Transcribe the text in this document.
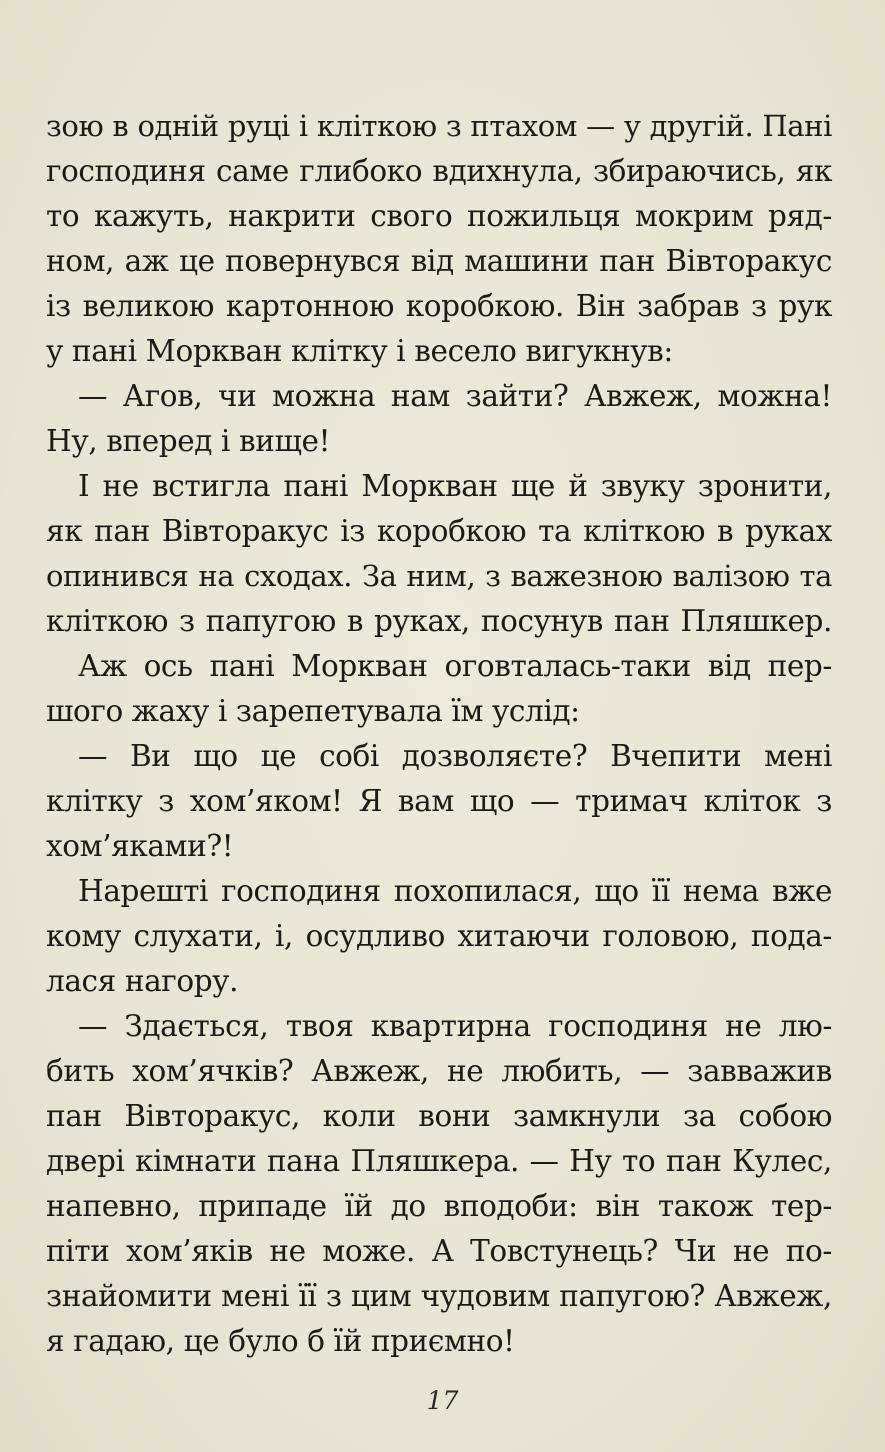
зою в одній руці і кліткою з птахом — у другій. Пані
господиня саме глибоко вдихнула, збираючись, як
то кажуть, накрити свого пожильця мокрим ряд-
ном, аж це повернувся від машини пан Вівторакус
із великою картонною коробкою. Він забрав з рук
у пані Моркван клітку і весело вигукнув:
— Агов, чи можна нам зайти? Авжеж, можна!
Ну, вперед і вище!
І не встигла пані Моркван ще й звуку зронити,
як пан Вівторакус із коробкою та кліткою в руках
опинився на сходах. За ним, з важезною валізою та
кліткою з папугою в руках, посунув пан Пляшкер.
Аж ось пані Моркван оговталась-таки від пер-
шого жаху і зарепетувала їм услід:
— Ви що це собі дозволяєте? Вчепити мені
клітку з хом’яком! Я вам що — тримач кліток з
хом’яками?!
Нарешті господиня похопилася, що її нема вже
кому слухати, і, осудливо хитаючи головою, пода-
лася нагору.
— Здається, твоя квартирна господиня не лю-
бить хом’ячків? Авжеж, не любить, — завважив
пан Вівторакус, коли вони замкнули за собою
двері кімнати пана Пляшкера. — Ну то пан Кулес,
напевно, припаде їй до вподоби: він також тер-
піти хом’яків не може. А Товстунець? Чи не по-
знайомити мені її з цим чудовим папугою? Авжеж,
я гадаю, це було б їй приємно!
17
